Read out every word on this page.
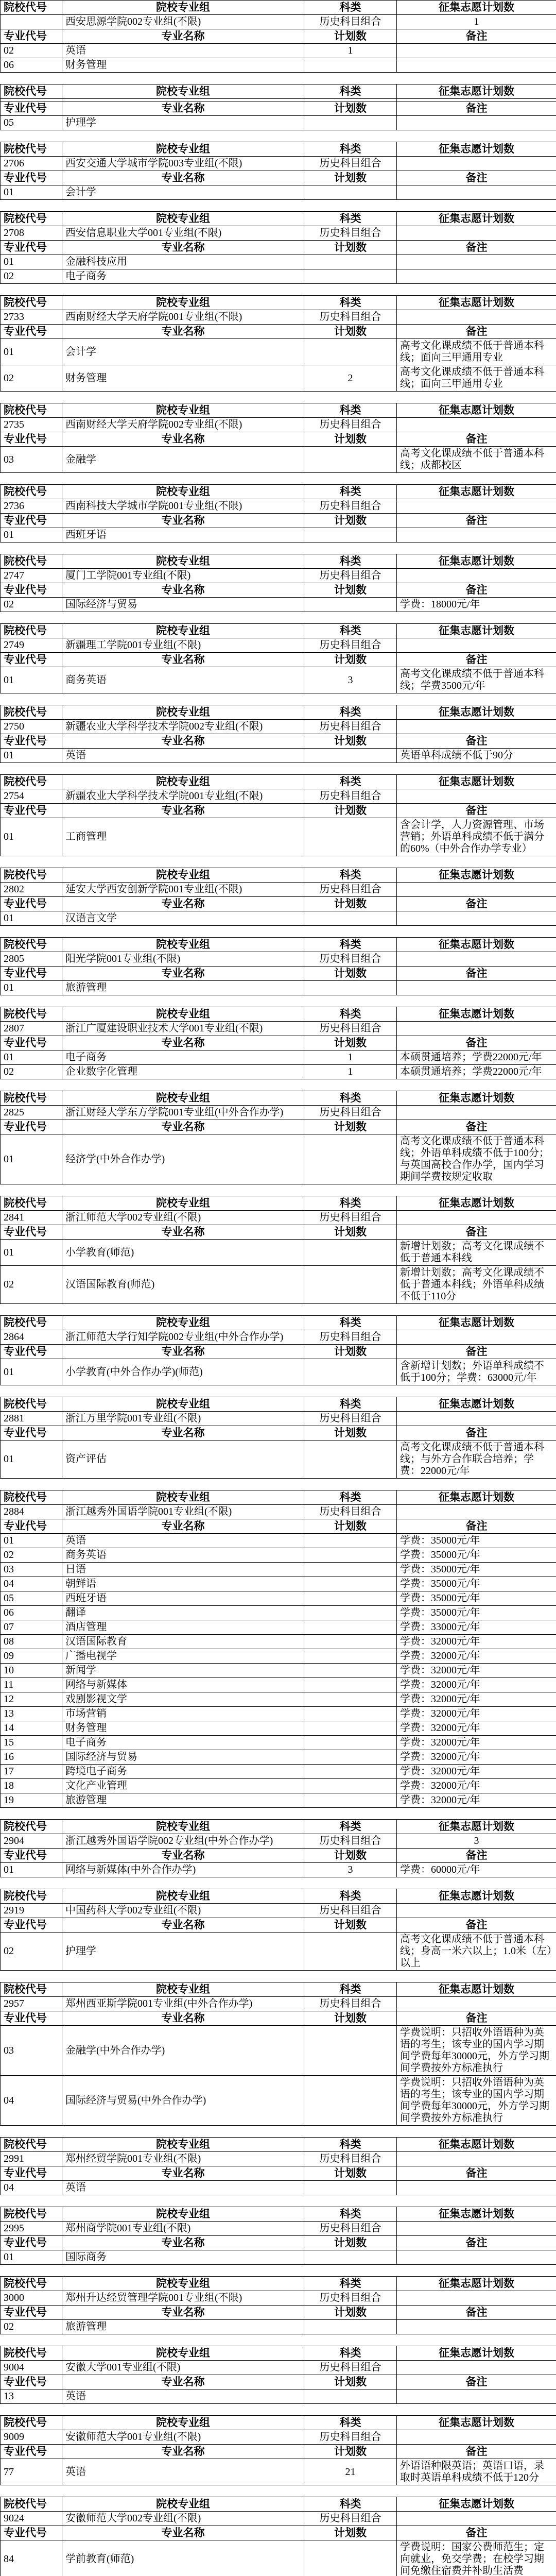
院校代号	院校专业组	科类	征集志愿计划数
	西安思源学院002专业组(不限)	历史科目组合	1
专业代号	专业名称	计划数	备注
02	英语	1	
06	财务管理		
院校代号	院校专业组	科类	征集志愿计划数

专业代号	专业名称	计划数	备注
05	护理学		
院校代号	院校专业组	科类	征集志愿计划数
2706	西安交通大学城市学院003专业组(不限)	历史科目组合	
专业代号	专业名称	计划数	备注
01	会计学		
院校代号	院校专业组	科类	征集志愿计划数
2708	西安信息职业大学001专业组(不限)	历史科目组合	
专业代号	专业名称	计划数	备注
01	金融科技应用		
02	电子商务		
院校代号	院校专业组	科类	征集志愿计划数
2733	西南财经大学天府学院001专业组(不限)	历史科目组合	
专业代号	专业名称	计划数	备注
01	会计学		高考文化课成绩不低于普通本科线；面向三甲通用专业
02	财务管理	2	高考文化课成绩不低于普通本科线；面向三甲通用专业
院校代号	院校专业组	科类	征集志愿计划数
2735	西南财经大学天府学院002专业组(不限)	历史科目组合	
专业代号	专业名称	计划数	备注
03	金融学		高考文化课成绩不低于普通本科线；成都校区
院校代号	院校专业组	科类	征集志愿计划数
2736	西南科技大学城市学院001专业组(不限)	历史科目组合	
专业代号	专业名称	计划数	备注
01	西班牙语		
院校代号	院校专业组	科类	征集志愿计划数
2747	厦门工学院001专业组(不限)	历史科目组合	
专业代号	专业名称	计划数	备注
02	国际经济与贸易		学费：18000元/年
院校代号	院校专业组	科类	征集志愿计划数
2749	新疆理工学院001专业组(不限)	历史科目组合	
专业代号	专业名称	计划数	备注
01	商务英语	3	高考文化课成绩不低于普通本科线；学费3500元/年
院校代号	院校专业组	科类	征集志愿计划数
2750	新疆农业大学科学技术学院002专业组(不限)	历史科目组合	
专业代号	专业名称	计划数	备注
01	英语		英语单科成绩不低于90分
院校代号	院校专业组	科类	征集志愿计划数
2754	新疆农业大学科学技术学院001专业组(不限)	历史科目组合	
专业代号	专业名称	计划数	备注
01	工商管理		含会计学，人力资源管理、市场营销；外语单科成绩不低于满分的60%（中外合作办学专业）
院校代号	院校专业组	科类	征集志愿计划数
2802	延安大学西安创新学院001专业组(不限)	历史科目组合	
专业代号	专业名称	计划数	备注
01	汉语言文学		
院校代号	院校专业组	科类	征集志愿计划数
2805	阳光学院001专业组(不限)	历史科目组合	
专业代号	专业名称	计划数	备注
01	旅游管理		
院校代号	院校专业组	科类	征集志愿计划数
2807	浙江广厦建设职业技术大学001专业组(不限)	历史科目组合	
专业代号	专业名称	计划数	备注
01	电子商务	1	本硕贯通培养；学费22000元/年
02	企业数字化管理	1	本硕贯通培养；学费22000元/年
院校代号	院校专业组	科类	征集志愿计划数
2825	浙江财经大学东方学院001专业组(中外合作办学)	历史科目组合	
专业代号	专业名称	计划数	备注
01	经济学(中外合作办学)		高考文化课成绩不低于普通本科线；外语单科成绩不低于100分；与英国高校合作办学，国内学习期间学费按规定收取
院校代号	院校专业组	科类	征集志愿计划数
2841	浙江师范大学002专业组(不限)	历史科目组合	
专业代号	专业名称	计划数	备注
01	小学教育(师范)		新增计划数；高考文化课成绩不低于普通本科线
02	汉语国际教育(师范)		新增计划数；高考文化课成绩不低于普通本科线；外语单科成绩不低于110分
院校代号	院校专业组	科类	征集志愿计划数
2864	浙江师范大学行知学院002专业组(中外合作办学)	历史科目组合	
专业代号	专业名称	计划数	备注
01	小学教育(中外合作办学)(师范)		含新增计划数；外语单科成绩不低于100分；学费：63000元/年
院校代号	院校专业组	科类	征集志愿计划数
2881	浙江万里学院001专业组(不限)	历史科目组合	
专业代号	专业名称	计划数	备注
01	资产评估		高考文化课成绩不低于普通本科线；与外方合作联合培养；学费：22000元/年
院校代号	院校专业组	科类	征集志愿计划数
2884	浙江越秀外国语学院001专业组(不限)	历史科目组合	
专业代号	专业名称	计划数	备注
01	英语		学费：35000元/年
02	商务英语		学费：35000元/年
03	日语		学费：35000元/年
04	朝鲜语		学费：35000元/年
05	西班牙语		学费：35000元/年
06	翻译		学费：35000元/年
07	酒店管理		学费：33000元/年
08	汉语国际教育		学费：32000元/年
09	广播电视学		学费：32000元/年
10	新闻学		学费：32000元/年
11	网络与新媒体		学费：32000元/年
12	戏剧影视文学		学费：32000元/年
13	市场营销		学费：32000元/年
14	财务管理		学费：32000元/年
15	电子商务		学费：32000元/年
16	国际经济与贸易		学费：32000元/年
17	跨境电子商务		学费：32000元/年
18	文化产业管理		学费：32000元/年
19	旅游管理		学费：32000元/年
院校代号	院校专业组	科类	征集志愿计划数
2904	浙江越秀外国语学院002专业组(中外合作办学)	历史科目组合	3
专业代号	专业名称	计划数	备注
01	网络与新媒体(中外合作办学)	3	学费：60000元/年
院校代号	院校专业组	科类	征集志愿计划数
2919	中国药科大学002专业组(不限)	历史科目组合	
专业代号	专业名称	计划数	备注
02	护理学		高考文化课成绩不低于普通本科线；身高一米六以上；1.0米（左）以上
院校代号	院校专业组	科类	征集志愿计划数
2957	郑州西亚斯学院001专业组(中外合作办学)	历史科目组合	
专业代号	专业名称	计划数	备注
03	金融学(中外合作办学)		学费说明：只招收外语语种为英语的考生；该专业的国内学习期间学费每年30000元，外方学习期间学费按外方标准执行
04	国际经济与贸易(中外合作办学)		学费说明：只招收外语语种为英语的考生；该专业的国内学习期间学费每年30000元，外方学习期间学费按外方标准执行
院校代号	院校专业组	科类	征集志愿计划数
2991	郑州经贸学院001专业组(不限)	历史科目组合	
专业代号	专业名称	计划数	备注
04	英语		
院校代号	院校专业组	科类	征集志愿计划数
2995	郑州商学院001专业组(不限)	历史科目组合	
专业代号	专业名称	计划数	备注
01	国际商务		
院校代号	院校专业组	科类	征集志愿计划数
3000	郑州升达经贸管理学院001专业组(不限)	历史科目组合	
专业代号	专业名称	计划数	备注
02	旅游管理		
院校代号	院校专业组	科类	征集志愿计划数
9004	安徽大学001专业组(不限)	历史科目组合	
专业代号	专业名称	计划数	备注
13	英语		
院校代号	院校专业组	科类	征集志愿计划数
9009	安徽师范大学001专业组(不限)	历史科目组合	
专业代号	专业名称	计划数	备注
77	英语	21	外语语种限英语；英语口语，录取时英语单科成绩不低于120分
院校代号	院校专业组	科类	征集志愿计划数
9024	安徽师范大学002专业组(不限)	历史科目组合	
专业代号	专业名称	计划数	备注
84	学前教育(师范)		学费说明：国家公费师范生；定向就业，免交学费；在校学习期间免缴住宿费并补助生活费
